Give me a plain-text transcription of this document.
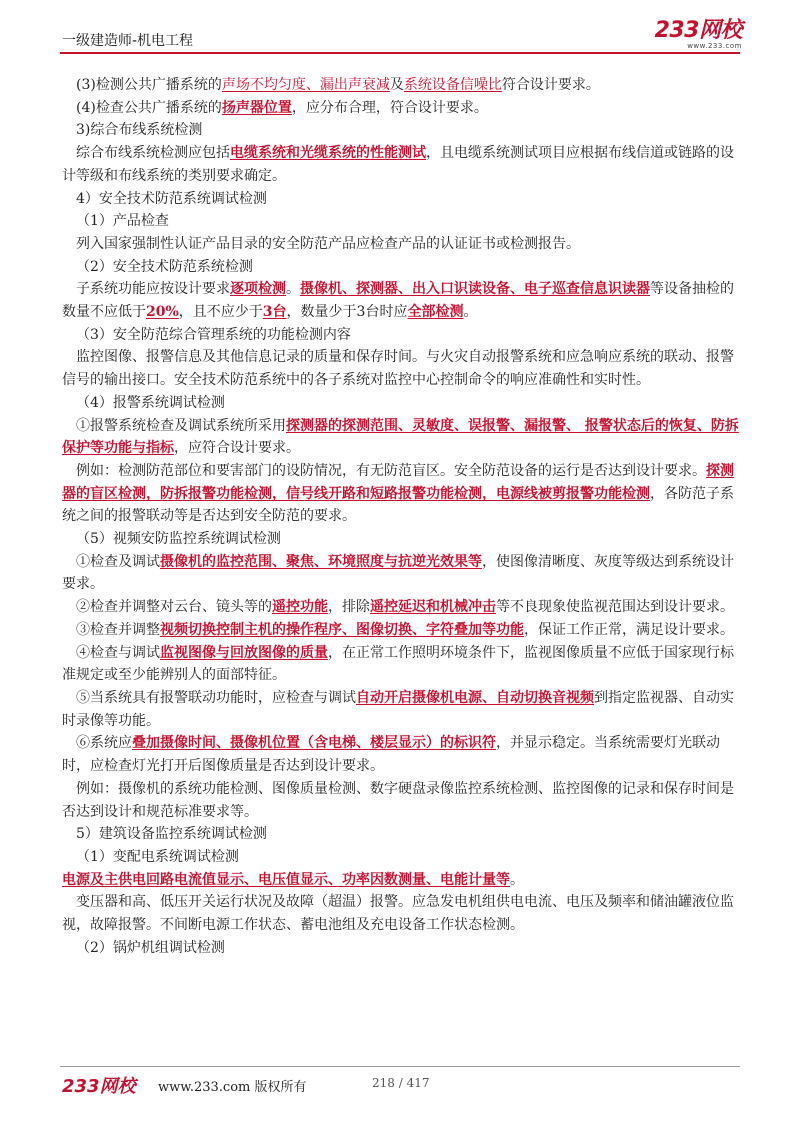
一级建造师-机电工程	233网校
www.233.com

(3)检测公共广播系统的声场不均匀度、漏出声衰减及系统设备信噪比符合设计要求。

(4)检查公共广播系统的扬声器位置，应分布合理，符合设计要求。

3)综合布线系统检测

综合布线系统检测应包括电缆系统和光缆系统的性能测试，且电缆系统测试项目应根据布线信道或链路的设计等级和布线系统的类别要求确定。

4）安全技术防范系统调试检测

（1）产品检查

列入国家强制性认证产品目录的安全防范产品应检查产品的认证证书或检测报告。

（2）安全技术防范系统检测

子系统功能应按设计要求逐项检测。摄像机、探测器、出入口识读设备、电子巡查信息识读器等设备抽检的数量不应低于20%，且不应少于3台，数量少于3台时应全部检测。

（3）安全防范综合管理系统的功能检测内容

监控图像、报警信息及其他信息记录的质量和保存时间。与火灾自动报警系统和应急响应系统的联动、报警信号的输出接口。安全技术防范系统中的各子系统对监控中心控制命令的响应准确性和实时性。

（4）报警系统调试检测

①报警系统检查及调试系统所采用探测器的探测范围、灵敏度、误报警、漏报警、 报警状态后的恢复、防拆保护等功能与指标，应符合设计要求。

例如：检测防范部位和要害部门的设防情况，有无防范盲区。安全防范设备的运行是否达到设计要求。探测器的盲区检测，防拆报警功能检测，信号线开路和短路报警功能检测，电源线被剪报警功能检测，各防范子系统之间的报警联动等是否达到安全防范的要求。

（5）视频安防监控系统调试检测

①检查及调试摄像机的监控范围、聚焦、环境照度与抗逆光效果等，使图像清晰度、灰度等级达到系统设计要求。

②检查并调整对云台、镜头等的遥控功能，排除遥控延迟和机械冲击等不良现象使监视范围达到设计要求。

③检查并调整视频切换控制主机的操作程序、图像切换、字符叠加等功能，保证工作正常，满足设计要求。

④检查与调试监视图像与回放图像的质量，在正常工作照明环境条件下，监视图像质量不应低于国家现行标准规定或至少能辨别人的面部特征。

⑤当系统具有报警联动功能时，应检查与调试自动开启摄像机电源、自动切换音视频到指定监视器、自动实时录像等功能。

⑥系统应叠加摄像时间、摄像机位置（含电梯、楼层显示）的标识符，并显示稳定。当系统需要灯光联动时，应检查灯光打开后图像质量是否达到设计要求。

例如：摄像机的系统功能检测、图像质量检测、数字硬盘录像监控系统检测、监控图像的记录和保存时间是否达到设计和规范标准要求等。

5）建筑设备监控系统调试检测

（1）变配电系统调试检测

电源及主供电回路电流值显示、电压值显示、功率因数测量、电能计量等。

变压器和高、低压开关运行状况及故障（超温）报警。应急发电机组供电电流、电压及频率和储油罐液位监视，故障报警。不间断电源工作状态、蓄电池组及充电设备工作状态检测。

（2）锅炉机组调试检测

233网校 www.233.com 版权所有	218 / 417
